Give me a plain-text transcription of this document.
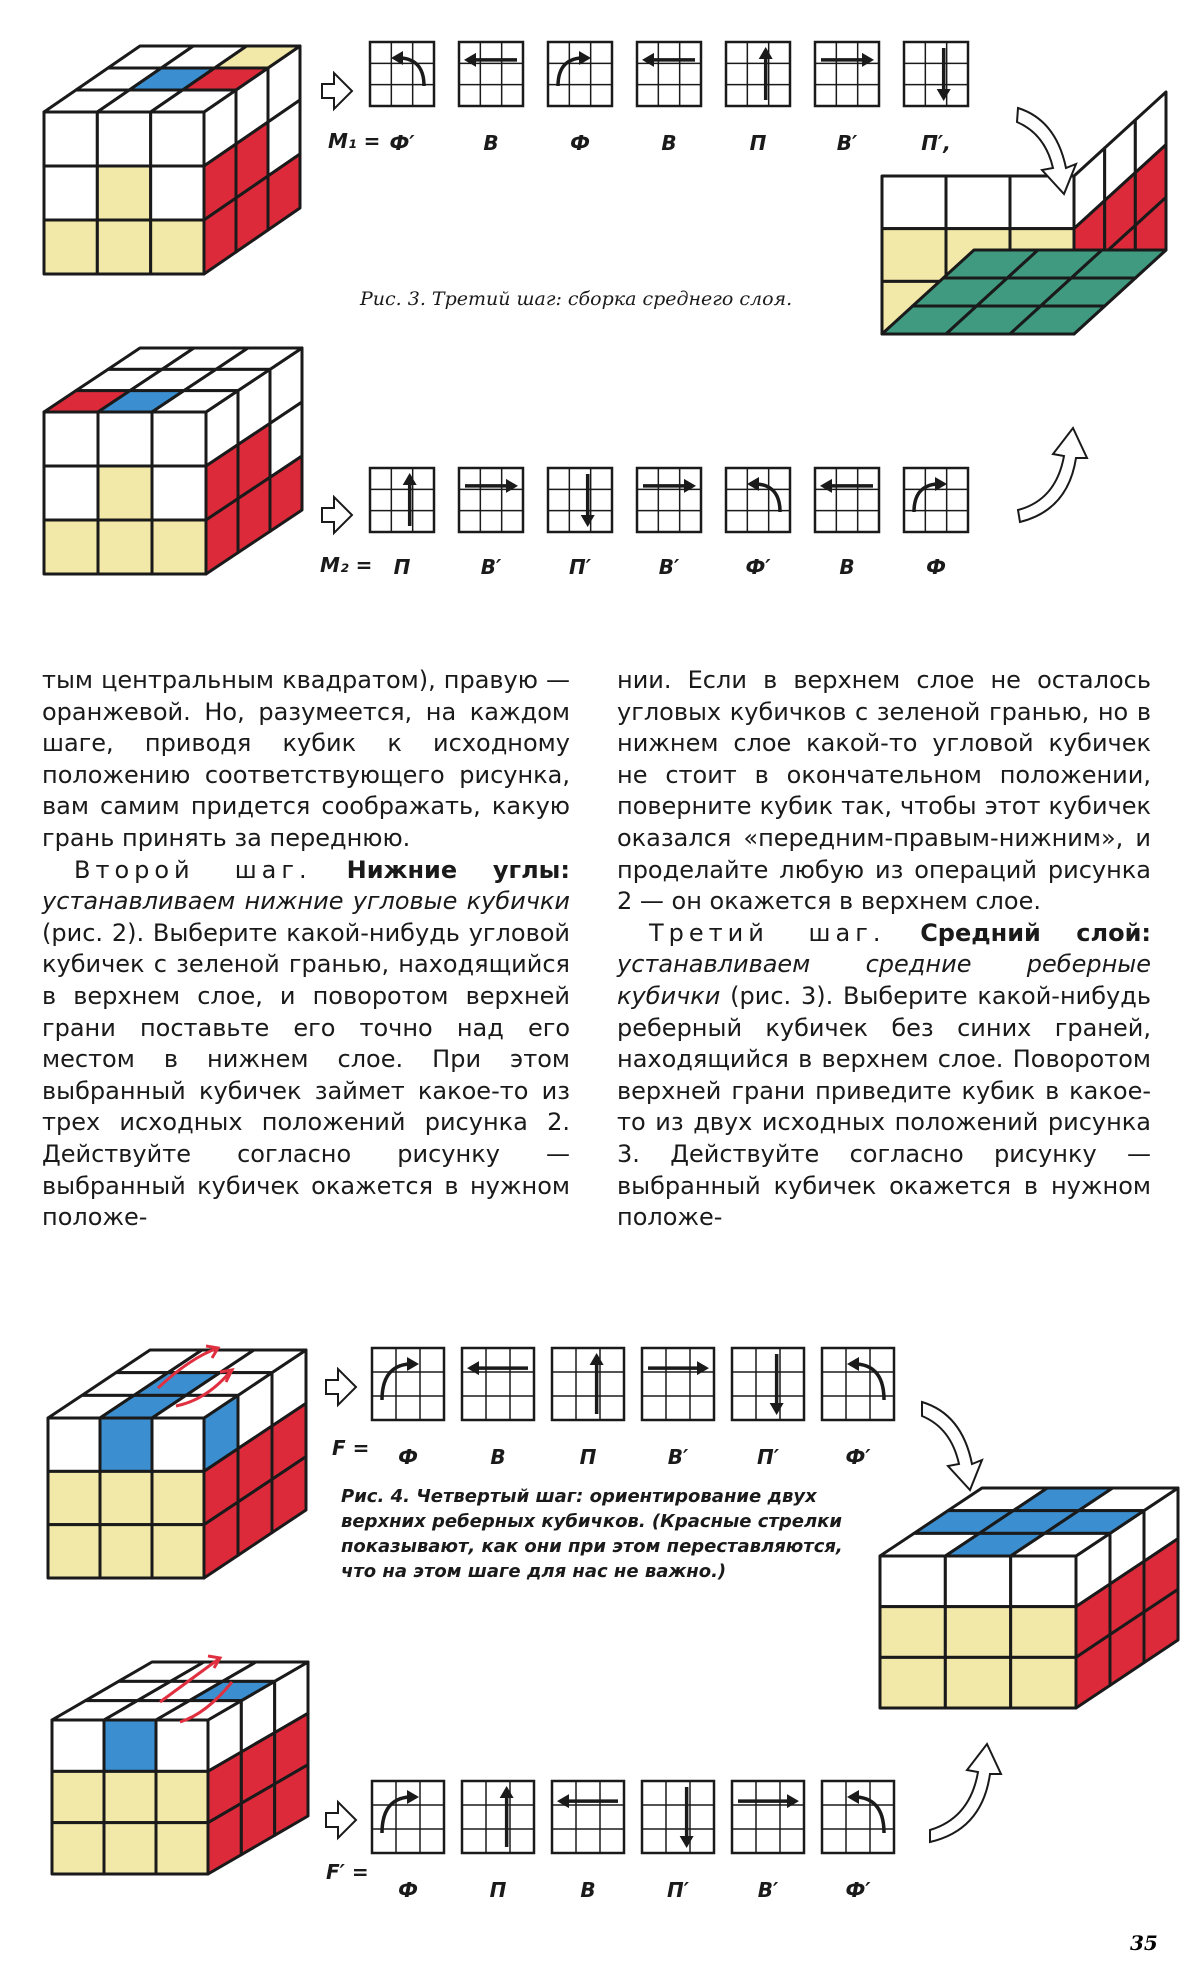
Ф′	В	Ф	В	П	В′	П′,
П	В′	П′	В′	Ф′	В	Ф
M₁ =
M₂ =
Рис. 3. Третий шаг: сборка среднего слоя.
Ф	В	П	В′	П′	Ф′
Ф	П	В	П′	В′	Ф′
F =
F′ =
Рис. 4. Четвертый шаг: ориентирование двух
верхних реберных кубичков. (Красные стрелки
показывают, как они при этом переставляются,
что на этом шаге для нас не важно.)
35

тым центральным квадратом), правую — оранжевой. Но, разумеется, на каждом шаге, приводя кубик к исходному положению соответствующего рисунка, вам самим придется соображать, какую грань принять за переднюю.

Второй шаг. Нижние углы: устанавливаем нижние угловые кубички (рис. 2). Выберите какой-нибудь угловой кубичек с зеленой гранью, находящийся в верхнем слое, и поворотом верхней грани поставьте его точно над его местом в нижнем слое. При этом выбранный кубичек займет какое-то из трех исходных положений рисунка 2. Действуйте согласно рисунку — выбранный кубичек окажется в нужном положе-

нии. Если в верхнем слое не осталось угловых кубичков с зеленой гранью, но в нижнем слое какой-то угловой кубичек не стоит в окончательном положении, поверните кубик так, чтобы этот кубичек оказался «передним-правым-нижним», и проделайте любую из операций рисунка 2 — он окажется в верхнем слое.

Третий шаг. Средний слой: устанавливаем средние реберные кубички (рис. 3). Выберите какой-нибудь реберный кубичек без синих граней, находящийся в верхнем слое. Поворотом верхней грани приведите кубик в какое-то из двух исходных положений рисунка 3. Действуйте согласно рисунку — выбранный кубичек окажется в нужном положе-
